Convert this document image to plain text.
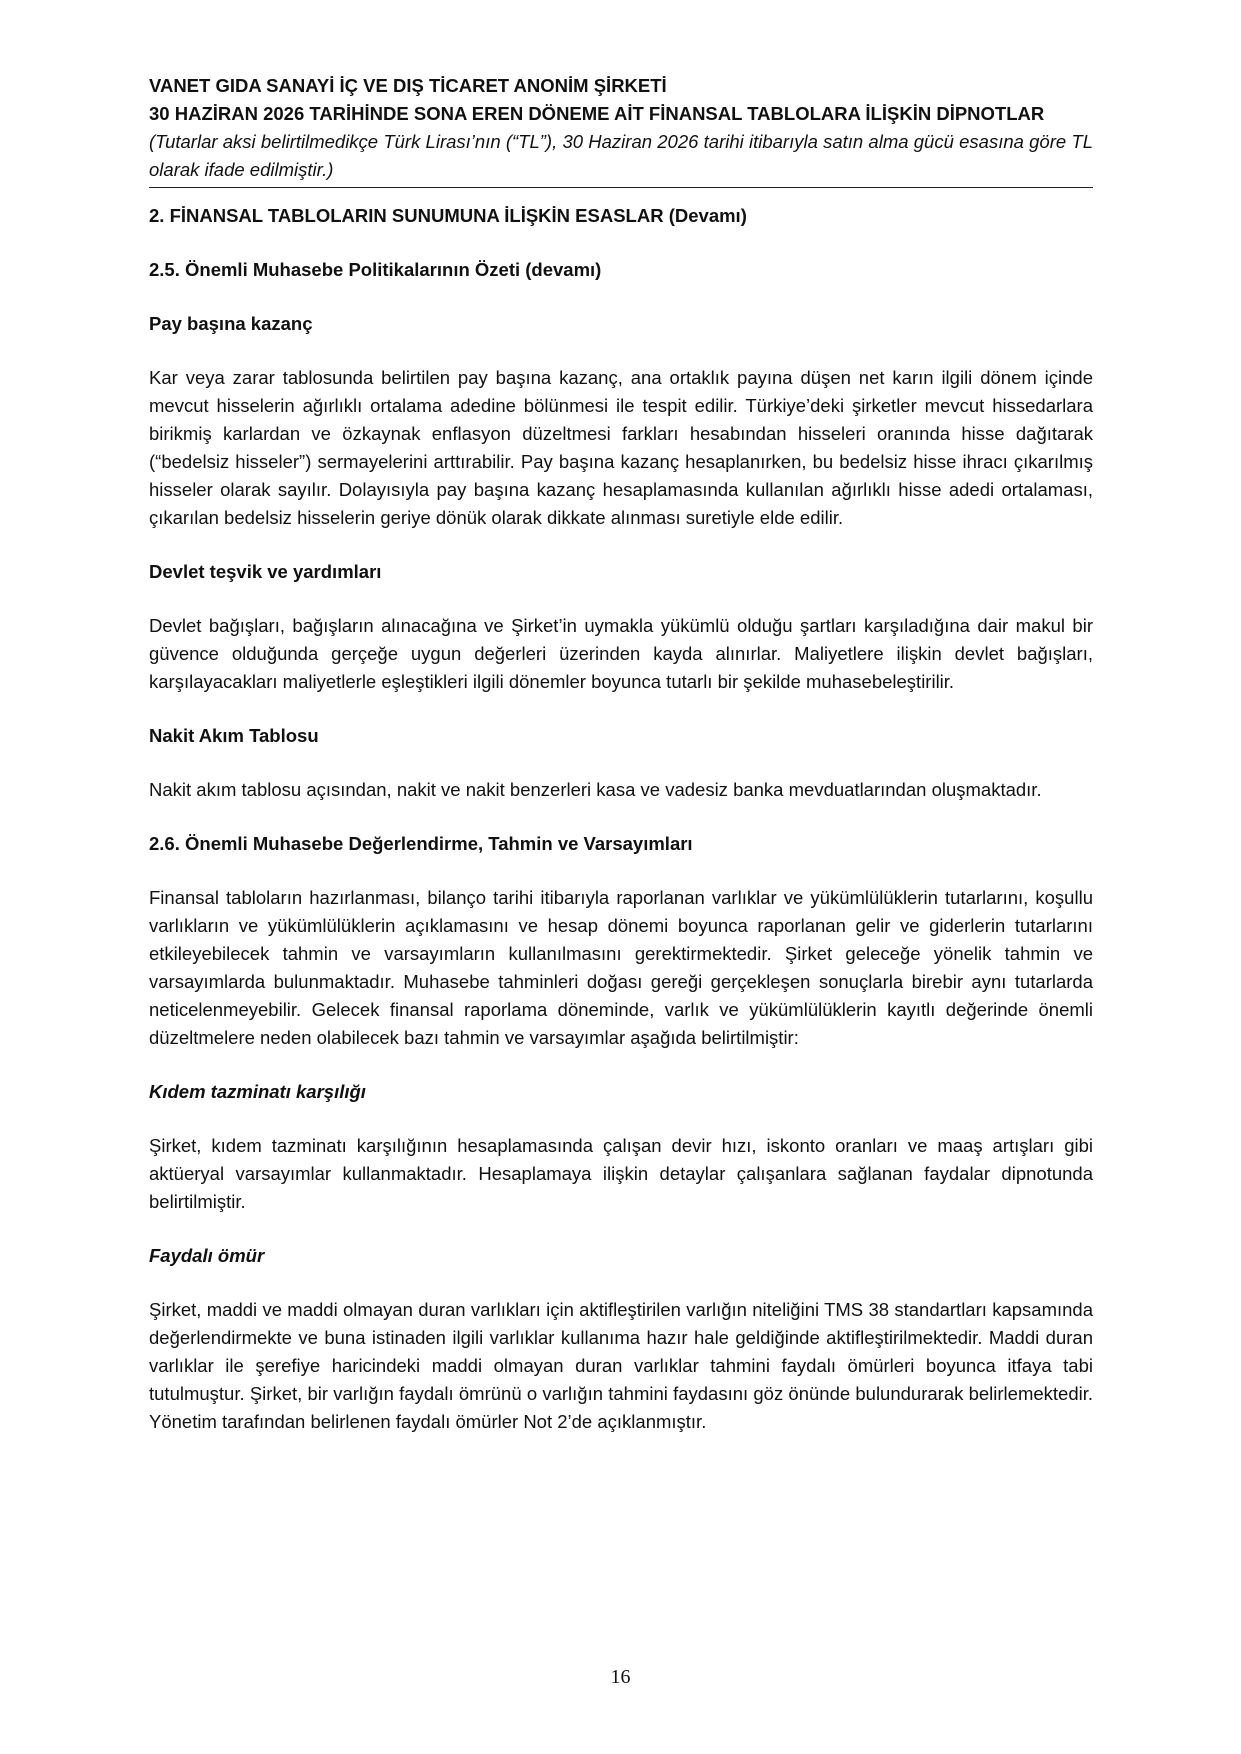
VANET GIDA SANAYİ İÇ VE DIŞ TİCARET ANONİM ŞİRKETİ

30 HAZİRAN 2026 TARİHİNDE SONA EREN DÖNEME AİT FİNANSAL TABLOLARA İLİŞKİN DİPNOTLAR

(Tutarlar aksi belirtilmedikçe Türk Lirası’nın (“TL”), 30 Haziran 2026 tarihi itibarıyla satın alma gücü esasına göre TL olarak ifade edilmiştir.)

2. FİNANSAL TABLOLARIN SUNUMUNA İLİŞKİN ESASLAR (Devamı)

2.5. Önemli Muhasebe Politikalarının Özeti (devamı)

Pay başına kazanç

Kar veya zarar tablosunda belirtilen pay başına kazanç, ana ortaklık payına düşen net karın ilgili dönem içinde mevcut hisselerin ağırlıklı ortalama adedine bölünmesi ile tespit edilir. Türkiye’deki şirketler mevcut hissedarlara birikmiş karlardan ve özkaynak enflasyon düzeltmesi farkları hesabından hisseleri oranında hisse dağıtarak (“bedelsiz hisseler”) sermayelerini arttırabilir. Pay başına kazanç hesaplanırken, bu bedelsiz hisse ihracı çıkarılmış hisseler olarak sayılır. Dolayısıyla pay başına kazanç hesaplamasında kullanılan ağırlıklı hisse adedi ortalaması, çıkarılan bedelsiz hisselerin geriye dönük olarak dikkate alınması suretiyle elde edilir.

Devlet teşvik ve yardımları

Devlet bağışları, bağışların alınacağına ve Şirket’in uymakla yükümlü olduğu şartları karşıladığına dair makul bir güvence olduğunda gerçeğe uygun değerleri üzerinden kayda alınırlar. Maliyetlere ilişkin devlet bağışları, karşılayacakları maliyetlerle eşleştikleri ilgili dönemler boyunca tutarlı bir şekilde muhasebeleştirilir.

Nakit Akım Tablosu

Nakit akım tablosu açısından, nakit ve nakit benzerleri kasa ve vadesiz banka mevduatlarından oluşmaktadır.

2.6. Önemli Muhasebe Değerlendirme, Tahmin ve Varsayımları

Finansal tabloların hazırlanması, bilanço tarihi itibarıyla raporlanan varlıklar ve yükümlülüklerin tutarlarını, koşullu varlıkların ve yükümlülüklerin açıklamasını ve hesap dönemi boyunca raporlanan gelir ve giderlerin tutarlarını etkileyebilecek tahmin ve varsayımların kullanılmasını gerektirmektedir. Şirket geleceğe yönelik tahmin ve varsayımlarda bulunmaktadır. Muhasebe tahminleri doğası gereği gerçekleşen sonuçlarla birebir aynı tutarlarda neticelenmeyebilir. Gelecek finansal raporlama döneminde, varlık ve yükümlülüklerin kayıtlı değerinde önemli düzeltmelere neden olabilecek bazı tahmin ve varsayımlar aşağıda belirtilmiştir:

Kıdem tazminatı karşılığı

Şirket, kıdem tazminatı karşılığının hesaplamasında çalışan devir hızı, iskonto oranları ve maaş artışları gibi aktüeryal varsayımlar kullanmaktadır. Hesaplamaya ilişkin detaylar çalışanlara sağlanan faydalar dipnotunda belirtilmiştir.

Faydalı ömür

Şirket, maddi ve maddi olmayan duran varlıkları için aktifleştirilen varlığın niteliğini TMS 38 standartları kapsamında değerlendirmekte ve buna istinaden ilgili varlıklar kullanıma hazır hale geldiğinde aktifleştirilmektedir. Maddi duran varlıklar ile şerefiye haricindeki maddi olmayan duran varlıklar tahmini faydalı ömürleri boyunca itfaya tabi tutulmuştur. Şirket, bir varlığın faydalı ömrünü o varlığın tahmini faydasını göz önünde bulundurarak belirlemektedir. Yönetim tarafından belirlenen faydalı ömürler Not 2’de açıklanmıştır.

16
